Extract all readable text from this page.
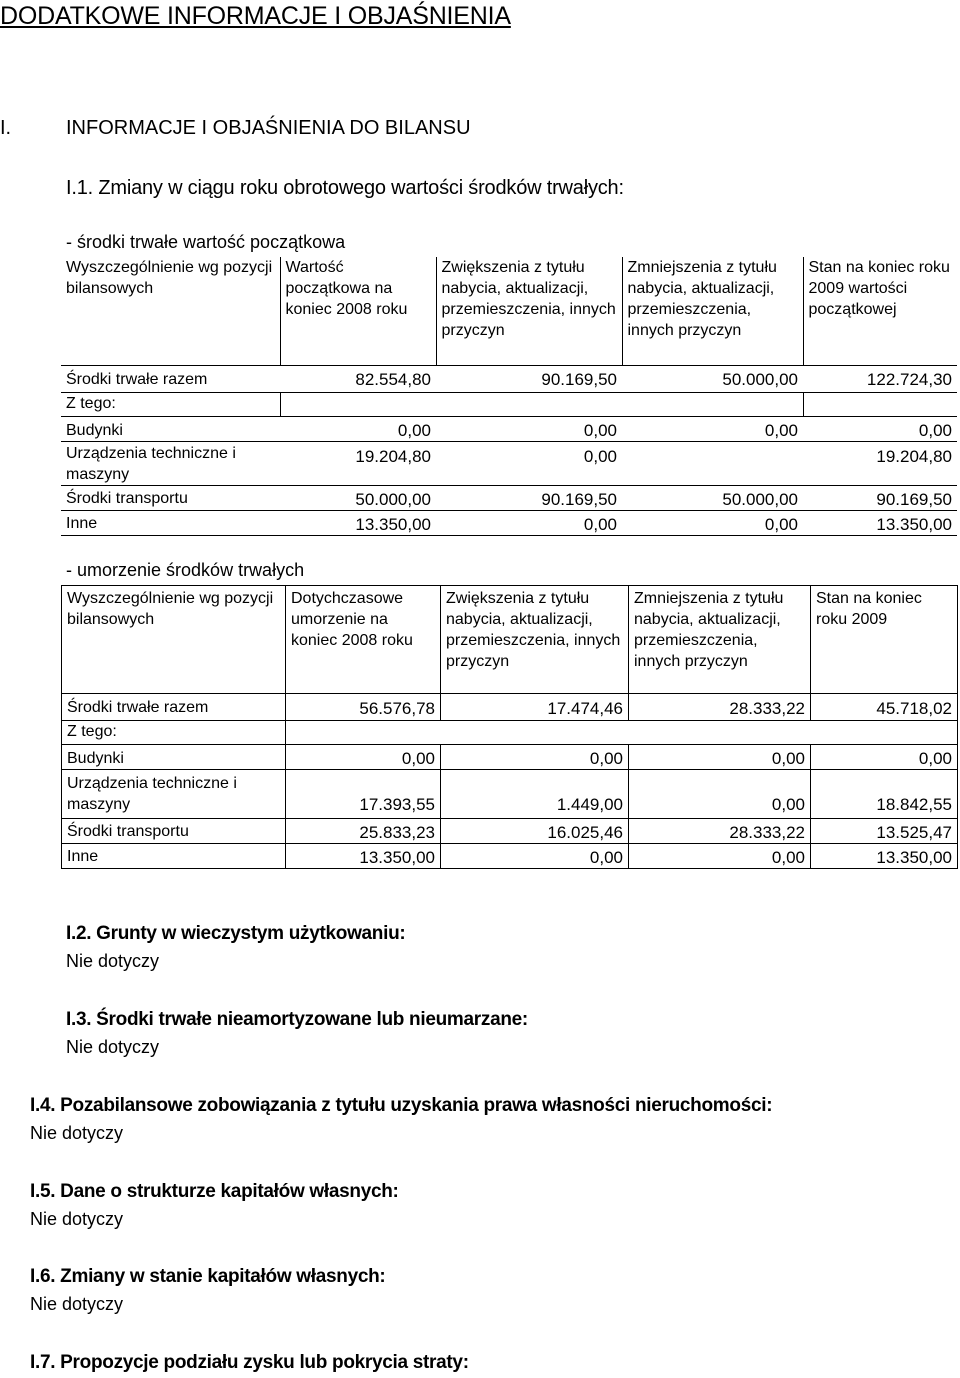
DODATKOWE INFORMACJE I OBJAŚNIENIA
I.	INFORMACJE I OBJAŚNIENIA DO BILANSU
I.1. Zmiany w ciągu roku obrotowego wartości środków trwałych:
- środki trwałe wartość początkowa
Wyszczególnienie wg pozycji bilansowych	Wartość początkowa na koniec 2008 roku	Zwiększenia z tytułu nabycia, aktualizacji, przemieszczenia, innych przyczyn	Zmniejszenia z tytułu nabycia, aktualizacji, przemieszczenia, innych przyczyn	Stan na koniec roku 2009 wartości początkowej
Środki trwałe razem	82.554,80	90.169,50	50.000,00	122.724,30
Z tego:				
Budynki	0,00	0,00	0,00	0,00
Urządzenia techniczne i maszyny	19.204,80	0,00		19.204,80
Środki transportu	50.000,00	90.169,50	50.000,00	90.169,50
Inne	13.350,00	0,00	0,00	13.350,00
- umorzenie środków trwałych
Wyszczególnienie wg pozycji bilansowych	Dotychczasowe umorzenie na koniec 2008 roku	Zwiększenia z tytułu nabycia, aktualizacji, przemieszczenia, innych przyczyn	Zmniejszenia z tytułu nabycia, aktualizacji, przemieszczenia, innych przyczyn	Stan na koniec roku 2009
Środki trwałe razem	56.576,78	17.474,46	28.333,22	45.718,02
Z tego:				
Budynki	0,00	0,00	0,00	0,00
Urządzenia techniczne i maszyny	17.393,55	1.449,00	0,00	18.842,55
Środki transportu	25.833,23	16.025,46	28.333,22	13.525,47
Inne	13.350,00	0,00	0,00	13.350,00
I.2. Grunty w wieczystym użytkowaniu:
Nie dotyczy
I.3. Środki trwałe nieamortyzowane lub nieumarzane:
Nie dotyczy
I.4. Pozabilansowe zobowiązania z tytułu uzyskania prawa własności nieruchomości:
Nie dotyczy
I.5. Dane o strukturze kapitałów własnych:
Nie dotyczy
I.6. Zmiany w stanie kapitałów własnych:
Nie dotyczy
I.7. Propozycje podziału zysku lub pokrycia straty:
